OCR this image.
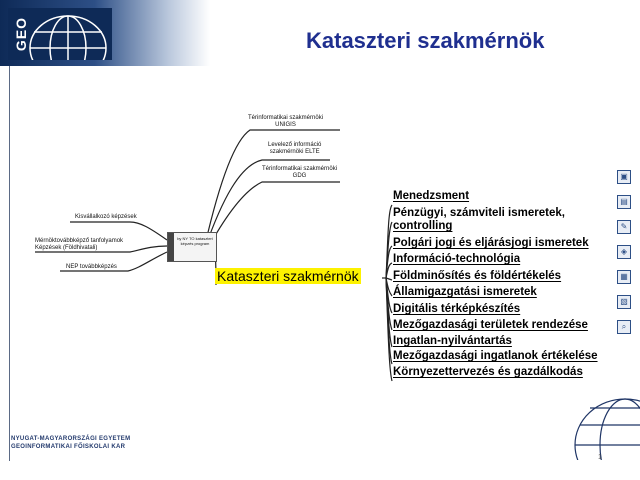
GEO	Kataszteri szakmérnök
Térinformatikai szakmérnöki
UNIGIS
Levelező információ
szakmérnöki ELTE
Térinformatikai szakmérnöki
GDG
Kisvállalkozó képzések
Mérnöktovábbképző tanfolyamok
Képzések (Földhivatali)
NEP továbbképzés
by NY TO kataszteri képzés program
Kataszteri szakmérnök
Menedzsment
Pénzügyi, számviteli ismeretek,
controlling
Polgári jogi és eljárásjogi ismeretek
Információ-technológia
Földminősítés és földértékelés
Államigazgatási ismeretek
Digitális térképkészítés
Mezőgazdasági területek rendezése
Ingatlan-nyilvántartás
Mezőgazdasági ingatlanok értékelése
Környezettervezés és gazdálkodás
▣
▤
✎
◈
▦
▧
⌕
NYUGAT-MAGYARORSZÁGI EGYETEM
GEOINFORMATIKAI FŐISKOLAI KAR
1
